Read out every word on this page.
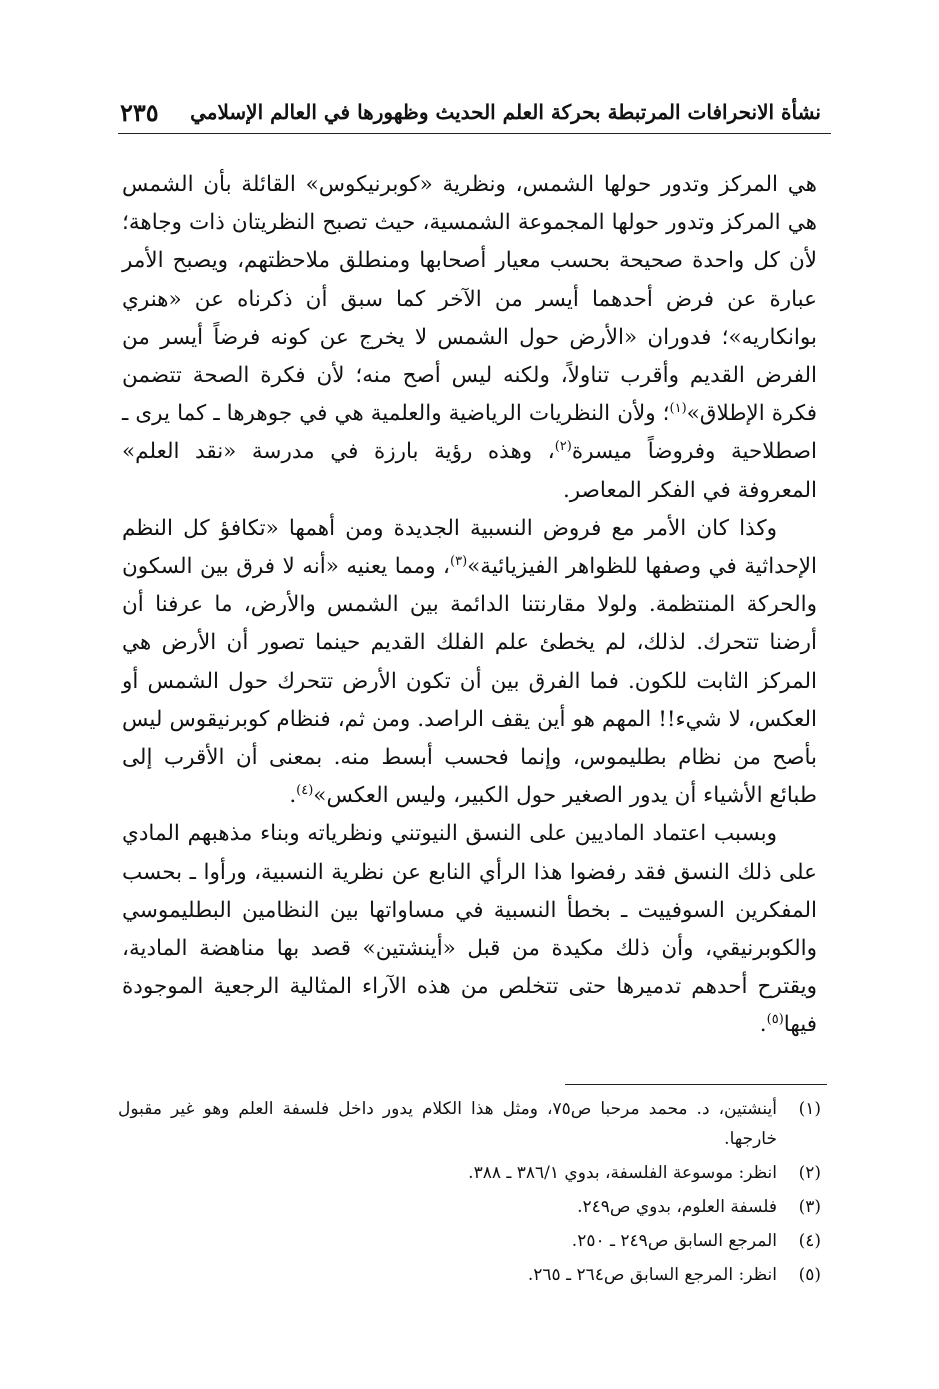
نشأة الانحرافات المرتبطة بحركة العلم الحديث وظهورها في العالم الإسلامي
٢٣٥

هي المركز وتدور حولها الشمس، ونظرية «كوبرنيكوس» القائلة بأن الشمس هي المركز وتدور حولها المجموعة الشمسية، حيث تصبح النظريتان ذات وجاهة؛ لأن كل واحدة صحيحة بحسب معيار أصحابها ومنطلق ملاحظتهم، ويصبح الأمر عبارة عن فرض أحدهما أيسر من الآخر كما سبق أن ذكرناه عن «هنري بوانكاريه»؛ فدوران «الأرض حول الشمس لا يخرج عن كونه فرضاً أيسر من الفرض القديم وأقرب تناولاً، ولكنه ليس أصح منه؛ لأن فكرة الصحة تتضمن فكرة الإطلاق»$^{(١)}$؛ ولأن النظريات الرياضية والعلمية هي في جوهرها ـ كما يرى ـ اصطلاحية وفروضاً ميسرة$^{(٢)}$، وهذه رؤية بارزة في مدرسة «نقد العلم» المعروفة في الفكر المعاصر.

وكذا كان الأمر مع فروض النسبية الجديدة ومن أهمها «تكافؤ كل النظم الإحداثية في وصفها للظواهر الفيزيائية»$^{(٣)}$، ومما يعنيه «أنه لا فرق بين السكون والحركة المنتظمة. ولولا مقارنتنا الدائمة بين الشمس والأرض، ما عرفنا أن أرضنا تتحرك. لذلك، لم يخطئ علم الفلك القديم حينما تصور أن الأرض هي المركز الثابت للكون. فما الفرق بين أن تكون الأرض تتحرك حول الشمس أو العكس، لا شيء!! المهم هو أين يقف الراصد. ومن ثم، فنظام كوبرنيقوس ليس بأصح من نظام بطليموس، وإنما فحسب أبسط منه. بمعنى أن الأقرب إلى طبائع الأشياء أن يدور الصغير حول الكبير، وليس العكس»$^{(٤)}$.

وبسبب اعتماد الماديين على النسق النيوتني ونظرياته وبناء مذهبهم المادي على ذلك النسق فقد رفضوا هذا الرأي النابع عن نظرية النسبية، ورأوا ـ بحسب المفكرين السوفييت ـ بخطأ النسبية في مساواتها بين النظامين البطليموسي والكوبرنيقي، وأن ذلك مكيدة من قبل «أينشتين» قصد بها مناهضة المادية، ويقترح أحدهم تدميرها حتى تتخلص من هذه الآراء المثالية الرجعية الموجودة فيها$^{(٥)}$.

(١)
أينشتين، د. محمد مرحبا ص٧٥، ومثل هذا الكلام يدور داخل فلسفة العلم وهو غير مقبول خارجها.
(٢)
انظر: موسوعة الفلسفة، بدوي ٣٨٦/١ ـ ٣٨٨.
(٣)
فلسفة العلوم، بدوي ص٢٤٩.
(٤)
المرجع السابق ص٢٤٩ ـ ٢٥٠.
(٥)
انظر: المرجع السابق ص٢٦٤ ـ ٢٦٥.
